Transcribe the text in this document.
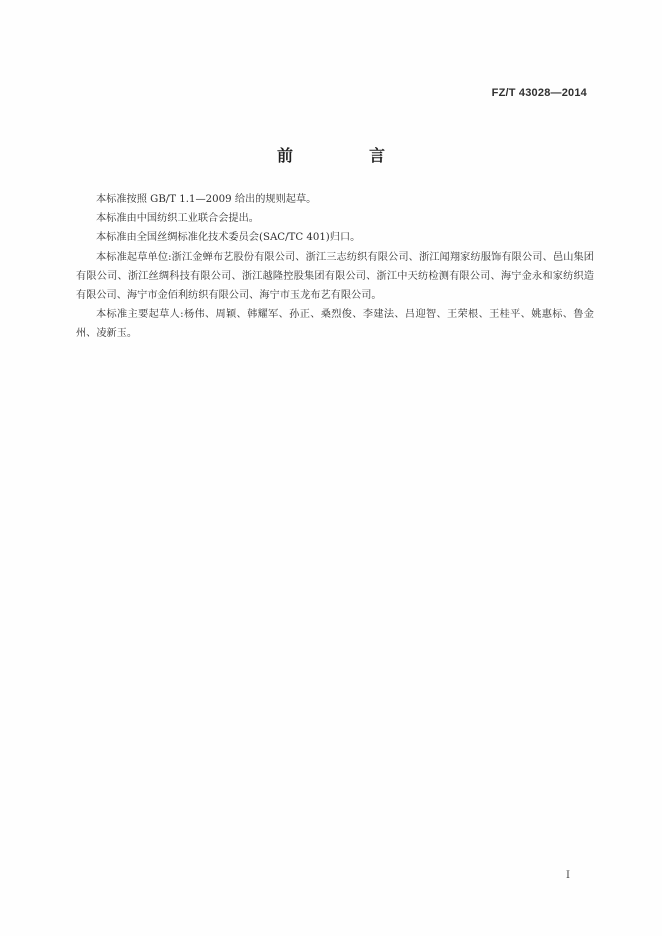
FZ/T 43028—2014
前　言

本标准按照 GB/T 1.1—2009 给出的规则起草。

本标准由中国纺织工业联合会提出。

本标准由全国丝绸标准化技术委员会(SAC/TC 401)归口。

本标准起草单位:浙江金蝉布艺股份有限公司、浙江三志纺织有限公司、浙江闻翔家纺服饰有限公司、邑山集团有限公司、浙江丝绸科技有限公司、浙江越隆控股集团有限公司、浙江中天纺检测有限公司、海宁金永和家纺织造有限公司、海宁市金佰利纺织有限公司、海宁市玉龙布艺有限公司。

本标准主要起草人:杨伟、周颖、韩耀军、孙正、桑烈俊、李建法、吕迎智、王荣根、王桂平、姚惠标、鲁金州、凌新玉。

I
